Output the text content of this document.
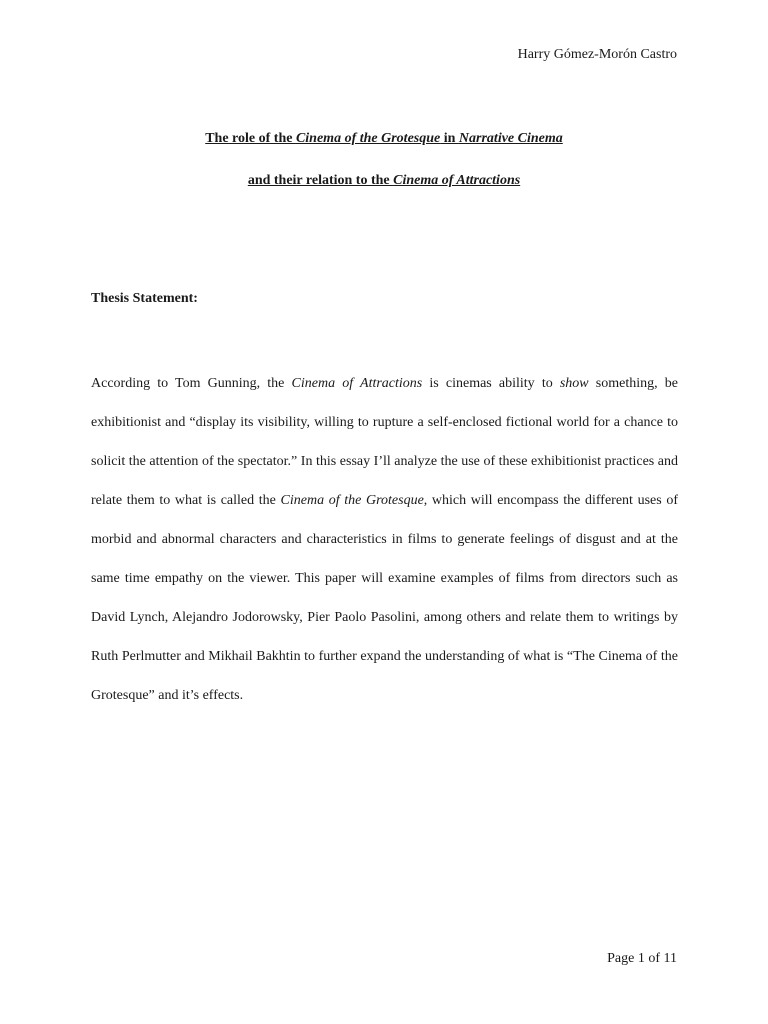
Harry Gómez-Morón Castro
The role of the Cinema of the Grotesque in Narrative Cinema
and their relation to the Cinema of Attractions
Thesis Statement:

According to Tom Gunning, the Cinema of Attractions is cinemas ability to show something, be exhibitionist and “display its visibility, willing to rupture a self-enclosed fictional world for a chance to solicit the attention of the spectator.” In this essay I’ll analyze the use of these exhibitionist practices and relate them to what is called the Cinema of the Grotesque, which will encompass the different uses of morbid and abnormal characters and characteristics in films to generate feelings of disgust and at the same time empathy on the viewer. This paper will examine examples of films from directors such as David Lynch, Alejandro Jodorowsky, Pier Paolo Pasolini, among others and relate them to writings by Ruth Perlmutter and Mikhail Bakhtin to further expand the understanding of what is “The Cinema of the Grotesque” and it’s effects.

Page 1 of 11
